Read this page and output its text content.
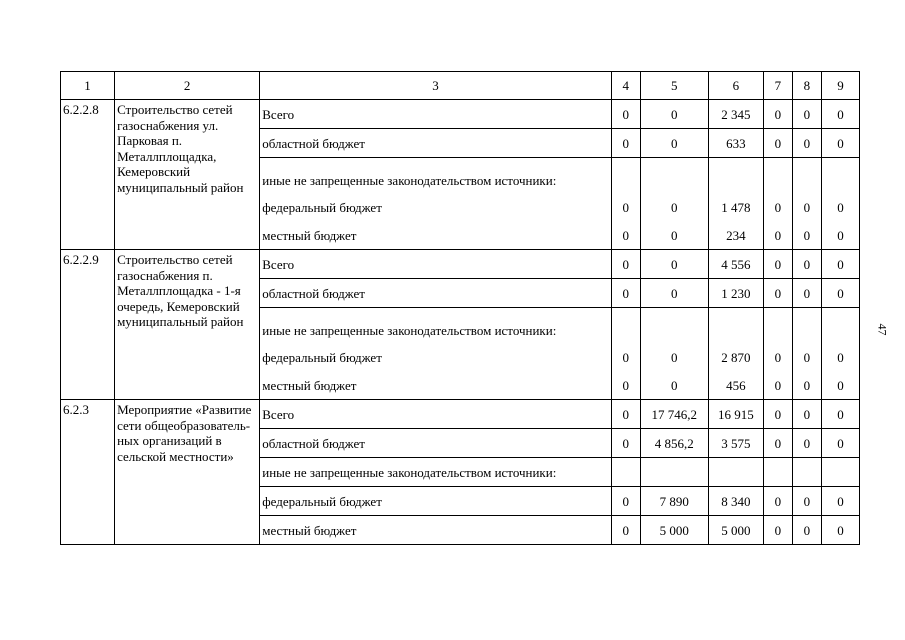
47
1	2	3	4	5	6	7	8	9
6.2.2.8	Строительство сетей газоснабжения ул. Парковая п. Металлплощадка, Кемеровский муниципальный район	Всего	0	0	2 345	0	0	0
		областной бюджет	0	0	633	0	0	0
		иные не запрещенные законодательством источники:						
		федеральный бюджет	0	0	1 478	0	0	0
		местный бюджет	0	0	234	0	0	0
6.2.2.9	Строительство сетей газоснабжения п. Металлплощадка - 1-я очередь, Кемеровский муниципальный район	Всего	0	0	4 556	0	0	0
		областной бюджет	0	0	1 230	0	0	0
		иные не запрещенные законодательством источники:						
		федеральный бюджет	0	0	2 870	0	0	0
		местный бюджет	0	0	456	0	0	0
6.2.3	Мероприятие «Развитие сети общеобразователь-ных организаций в сельской местности»	Всего	0	17 746,2	16 915	0	0	0
		областной бюджет	0	4 856,2	3 575	0	0	0
		иные не запрещенные законодательством источники:						
		федеральный бюджет	0	7 890	8 340	0	0	0
		местный бюджет	0	5 000	5 000	0	0	0
